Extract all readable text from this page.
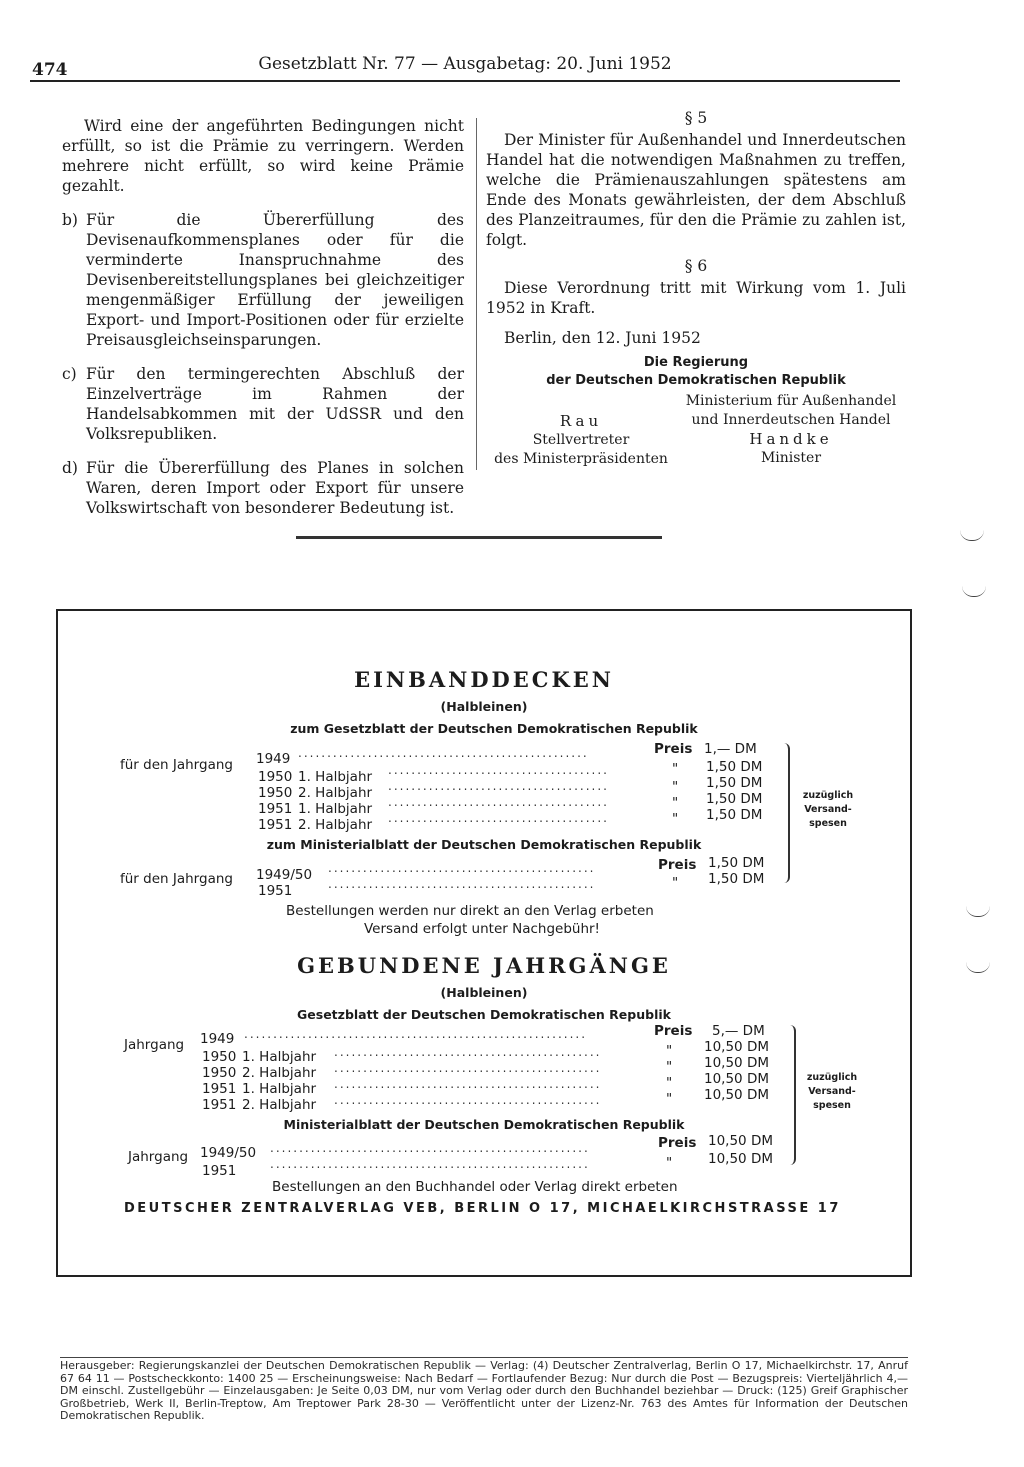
474	Gesetzblatt Nr. 77 — Ausgabetag: 20. Juni 1952

Wird eine der angeführten Bedingungen nicht erfüllt, so ist die Prämie zu verringern. Werden mehrere nicht erfüllt, so wird keine Prämie gezahlt.

b) Für die Übererfüllung des Devisenaufkommensplanes oder für die verminderte Inanspruchnahme des Devisenbereitstellungsplanes bei gleichzeitiger mengenmäßiger Erfüllung der jeweiligen Export- und Import-Positionen oder für erzielte Preisausgleichseinsparungen.
c) Für den termingerechten Abschluß der Einzelverträge im Rahmen der Handelsabkommen mit der UdSSR und den Volksrepubliken.
d) Für die Übererfüllung des Planes in solchen Waren, deren Import oder Export für unsere Volkswirtschaft von besonderer Bedeutung ist.
§ 5

Der Minister für Außenhandel und Innerdeutschen Handel hat die notwendigen Maßnahmen zu treffen, welche die Prämienauszahlungen spätestens am Ende des Monats gewährleisten, der dem Abschluß des Planzeitraumes, für den die Prämie zu zahlen ist, folgt.

§ 6

Diese Verordnung tritt mit Wirkung vom 1. Juli 1952 in Kraft.

Berlin, den 12. Juni 1952
Die Regierung
der Deutschen Demokratischen Republik
Rau
Stellvertreter
des Ministerpräsidenten
Ministerium für Außenhandel
und Innerdeutschen Handel
Handke
Minister
EINBANDDECKEN
(Halbleinen)
zum Gesetzblatt der Deutschen Demokratischen Republik
Preis
für den Jahrgang 1949 ..................................................	1,— DM
1950 1. Halbjahr ......................................	" 1,50 DM
1950 2. Halbjahr ......................................	" 1,50 DM
1951 1. Halbjahr ......................................	" 1,50 DM
1951 2. Halbjahr ......................................	" 1,50 DM
zum Ministerialblatt der Deutschen Demokratischen Republik
Preis
für den Jahrgang 1949/50 ..............................................	1,50 DM
1951	..............................................	" 1,50 DM
zuzüglich
Versand-
spesen
Bestellungen werden nur direkt an den Verlag erbeten
Versand erfolgt unter Nachgebühr!
GEBUNDENE JAHRGÄNGE
(Halbleinen)
Gesetzblatt der Deutschen Demokratischen Republik
Preis
Jahrgang 1949 ...........................................................	5,— DM
1950 1. Halbjahr ..............................................	" 10,50 DM
1950 2. Halbjahr ..............................................	" 10,50 DM
1951 1. Halbjahr ..............................................	" 10,50 DM
1951 2. Halbjahr ..............................................	" 10,50 DM
Ministerialblatt der Deutschen Demokratischen Republik
Preis
Jahrgang 1949/50 .......................................................	10,50 DM
1951	.......................................................	"	10,50 DM
zuzüglich
Versand-
spesen
Bestellungen an den Buchhandel oder Verlag direkt erbeten
DEUTSCHER ZENTRALVERLAG VEB, BERLIN O 17, MICHAELKIRCHSTRASSE 17
Herausgeber: Regierungskanzlei der Deutschen Demokratischen Republik — Verlag: (4) Deutscher Zentralverlag, Berlin O 17, Michaelkirchstr. 17, Anruf 67 64 11 — Postscheckkonto: 1400 25 — Erscheinungsweise: Nach Bedarf — Fortlaufender Bezug: Nur durch die Post — Bezugspreis: Vierteljährlich 4,— DM einschl. Zustellgebühr — Einzelausgaben: Je Seite 0,03 DM, nur vom Verlag oder durch den Buchhandel beziehbar — Druck: (125) Greif Graphischer Großbetrieb, Werk II, Berlin-Treptow, Am Treptower Park 28-30 — Veröffentlicht unter der Lizenz-Nr. 763 des Amtes für Information der Deutschen Demokratischen Republik.
